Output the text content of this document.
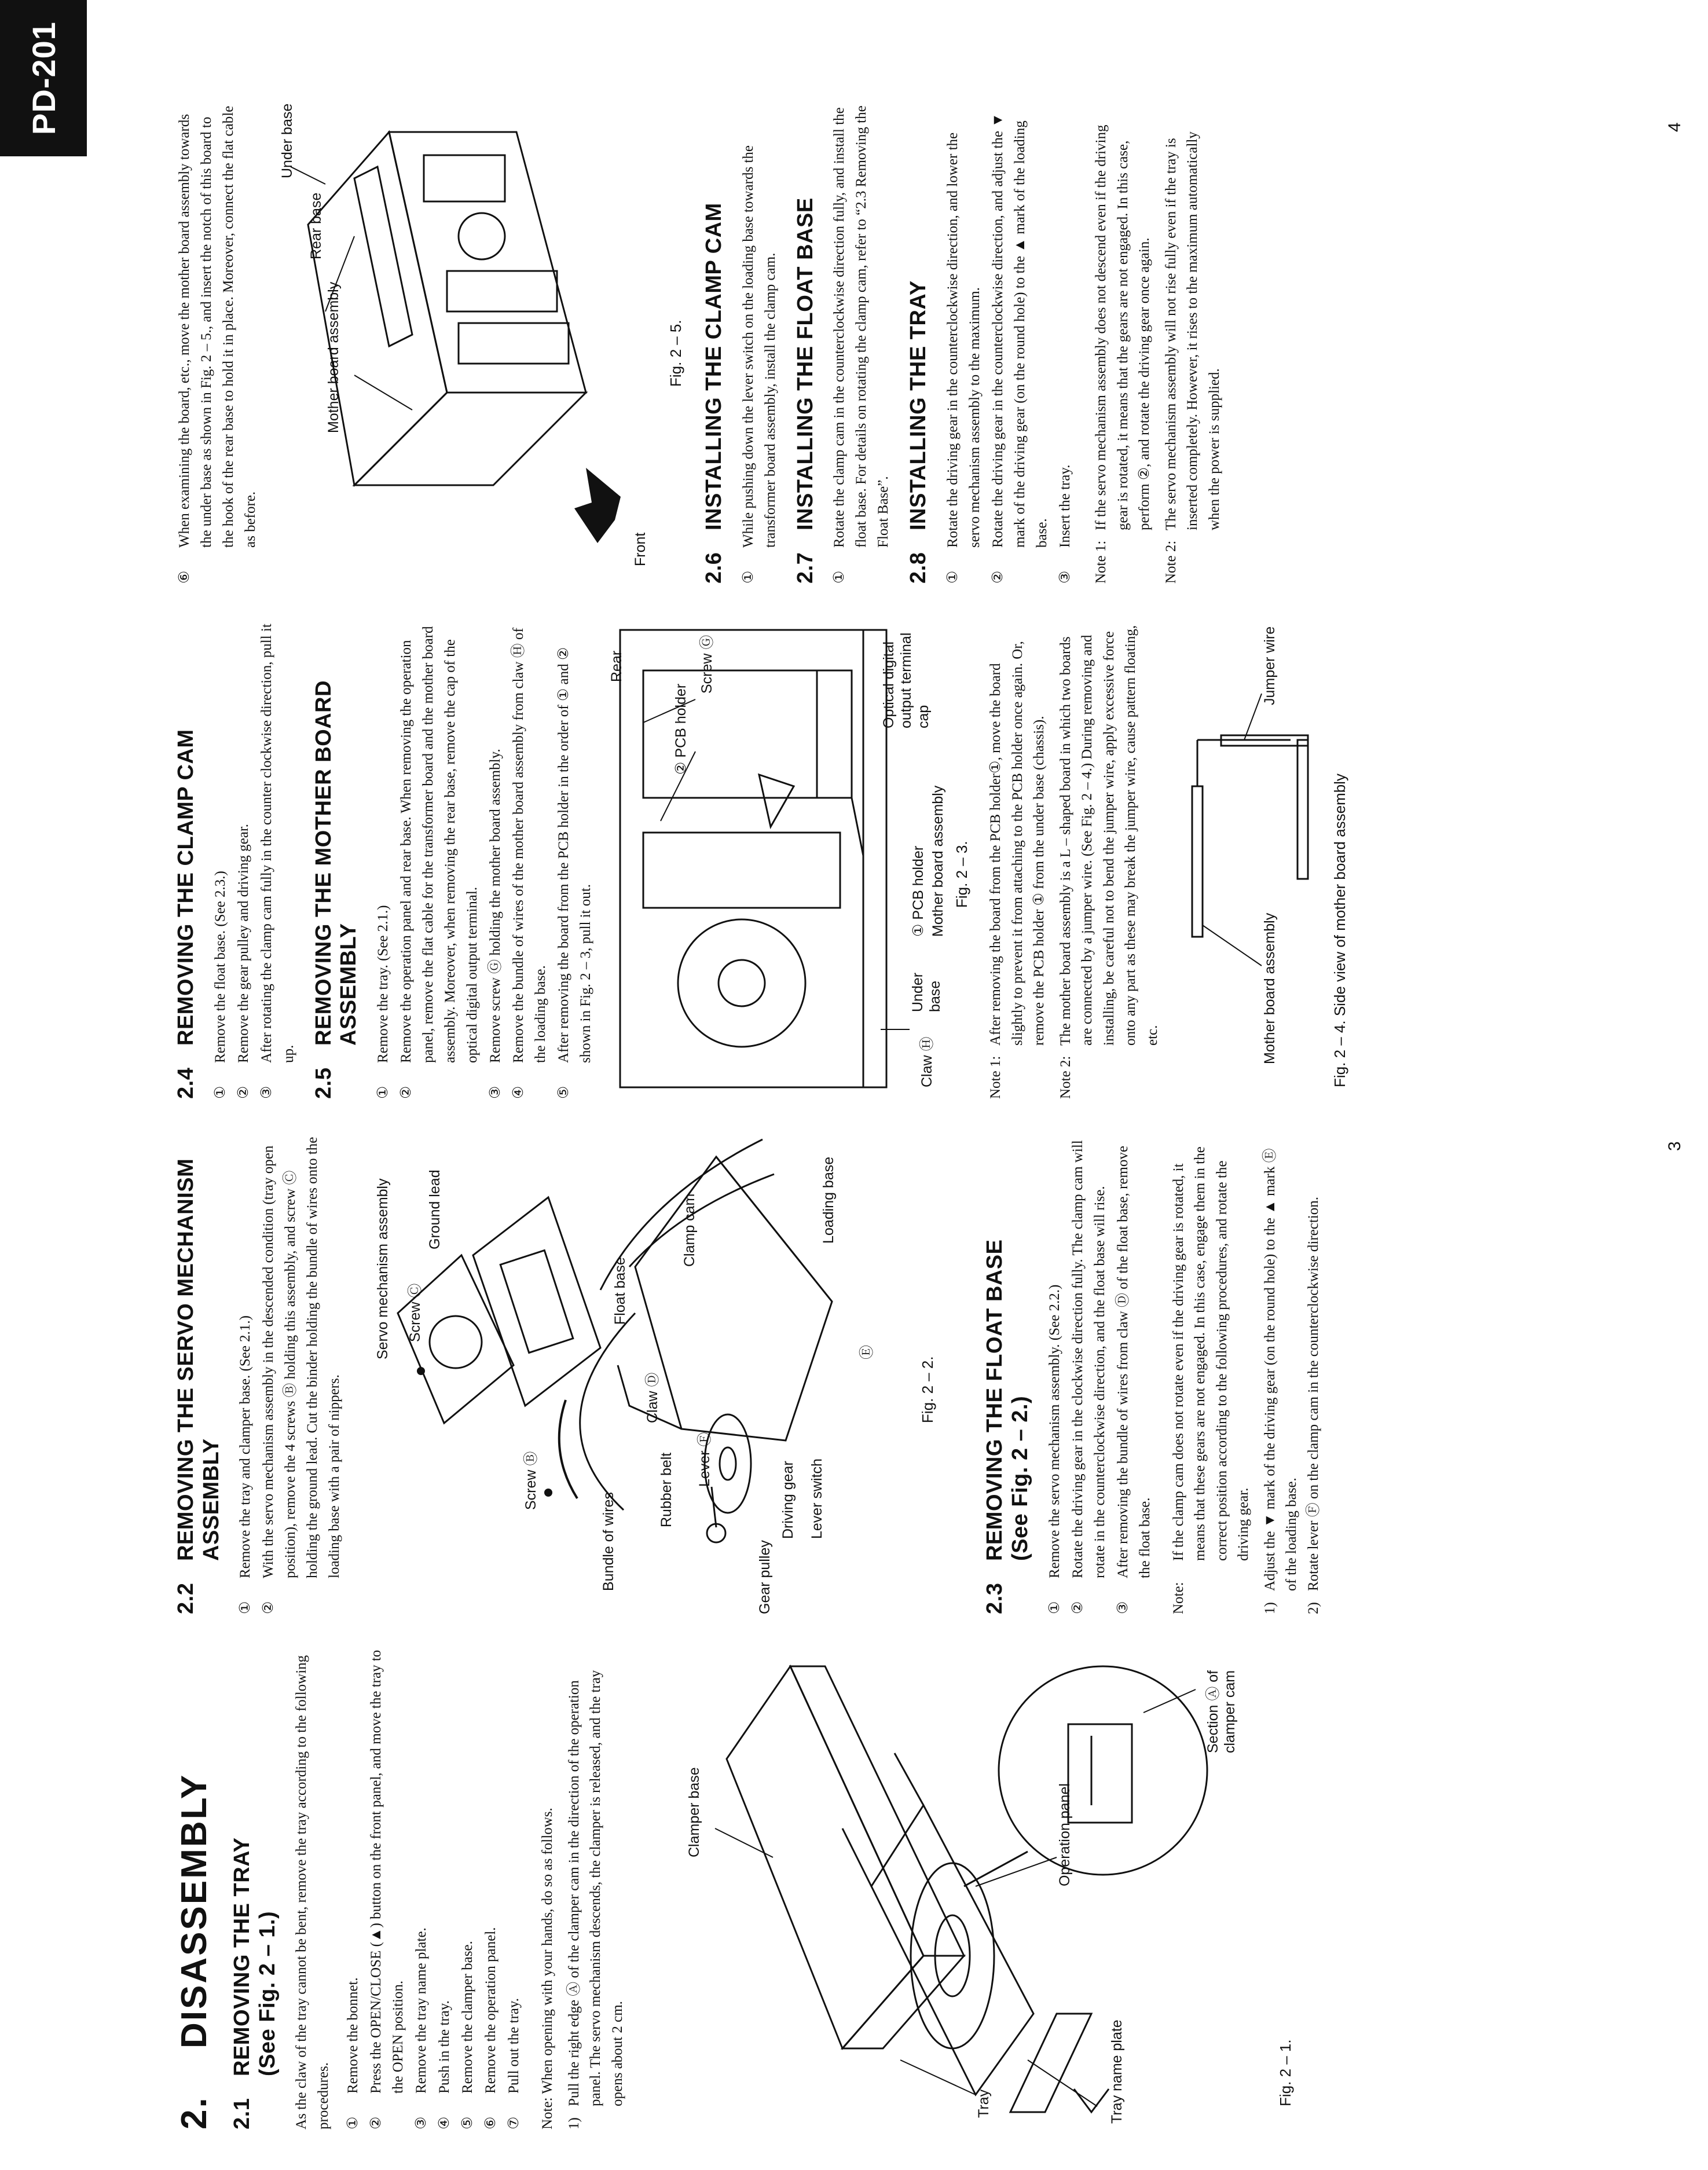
2.DISASSEMBLY
2.1REMOVING THE TRAY (See Fig. 2 – 1.) As the claw of the tray cannot be bent, remove the tray according to the following procedures. ①
Remove the bonnet.
②
Press the OPEN/CLOSE (▲) button on the front panel, and move the tray to the OPEN position.
③
Remove the tray name plate.
④
Push in the tray.
⑤
Remove the clamper base.
⑥
Remove the operation panel.
⑦
Pull out the tray. Note: When opening with your hands, do so as follows. 1)
Pull the right edge Ⓐ of the clamper cam in the direction of the operation panel. The servo mechanism descends, the clamper is released, and the tray opens about 2 cm.
Clamper base
Tray
Operation panel
Tray name plate
Section Ⓐ of clamper cam
Fig. 2 – 1.
2.2REMOVING THE SERVO MECHANISM ASSEMBLY
①
Remove the tray and clamper base. (See 2.1.)
②
With the servo mechanism assembly in the descended condition (tray open position), remove the 4 screws Ⓑ holding this assembly, and screw Ⓒ holding the ground lead. Cut the binder holding the bundle of wires onto the loading base with a pair of nippers.
Servo mechanism assembly
Screw Ⓑ
Screw Ⓒ
Ground lead
Bundle of wires
Rubber belt
Claw Ⓓ
Float base
Lever Ⓕ
Gear pulley
Driving gear Lever switch
Clamp cam	Loading base
Ⓔ
Fig. 2 – 2.
2.3REMOVING THE FLOAT BASE (See Fig. 2 – 2.)
①
Remove the servo mechanism assembly. (See 2.2.)
②
Rotate the driving gear in the clockwise direction fully. The clamp cam will rotate in the counterclockwise direction, and the float base will rise.
③
After removing the bundle of wires from claw Ⓓ of the float base, remove the float base.
Note:
If the clamp cam does not rotate even if the driving gear is rotated, it means that these gears are not engaged. In this case, engage them in the correct position according to the following procedures, and rotate the driving gear.
1)
Adjust the ▼ mark of the driving gear (on the round hole) to the ▲ mark Ⓔ of the loading base.
2)
Rotate lever Ⓕ on the clamp cam in the counterclockwise direction.
3
2.4REMOVING THE CLAMP CAM
①
Remove the float base. (See 2.3.)
②
Remove the gear pulley and driving gear.
③
After rotating the clamp cam fully in the counter clockwise direction, pull it up.
2.5REMOVING THE MOTHER BOARD ASSEMBLY
①
Remove the tray. (See 2.1.)
②
Remove the operation panel and rear base. When removing the operation panel, remove the flat cable for the transformer board and the mother board assembly. Moreover, when removing the rear base, remove the cap of the optical digital output terminal.
③
Remove screw Ⓖ holding the mother board assembly.
④
Remove the bundle of wires of the mother board assembly from claw Ⓗ of the loading base.
⑤
After removing the board from the PCB holder in the order of ① and ② shown in Fig. 2 – 3, pull it out.
Rear	Screw Ⓖ
② PCB holder	Optical digital output terminal cap
Claw Ⓗ
Under base
① PCB holder Mother board assembly Fig. 2 – 3.
Note 1:
After removing the board from the PCB holder①, move the board slightly to prevent it from attaching to the PCB holder once again. Or, remove the PCB holder ① from the under base (chassis).
Note 2:
The mother board assembly is a L – shaped board in which two boards are connected by a jumper wire. (See Fig. 2 – 4.) During removing and installing, be careful not to bend the jumper wire, apply excessive force onto any part as these may break the jumper wire, cause pattern floating, etc.	Mother board assembly
Jumper wire
Fig. 2 – 4. Side view of mother board assembly
⑥
When examining the board, etc., move the mother board assembly towards the under base as shown in Fig. 2 – 5., and insert the notch of this board to the hook of the rear base to hold it in place. Moreover, connect the flat cable as before.
Mother board assembly
Rear base
Under base
Front
Fig. 2 – 5.
2.6INSTALLING THE CLAMP CAM
①
While pushing down the lever switch on the loading base towards the transformer board assembly, install the clamp cam.
2.7INSTALLING THE FLOAT BASE
①
Rotate the clamp cam in the counterclockwise direction fully, and install the float base. For details on rotating the clamp cam, refer to “2.3 Removing the Float Base”.
2.8INSTALLING THE TRAY
①
Rotate the driving gear in the counterclockwise direction, and lower the servo mechanism assembly to the maximum.
②
Rotate the driving gear in the counterclockwise direction, and adjust the ▼ mark of the driving gear (on the round hole) to the ▲ mark of the loading base.
③
Insert the tray.
Note 1:
If the servo mechanism assembly does not descend even if the driving gear is rotated, it means that the gears are not engaged. In this case, perform ②, and rotate the driving gear once again.
Note 2:
The servo mechanism assembly will not rise fully even if the tray is inserted completely. However, it rises to the maximum automatically when the power is supplied.
4
PD-201
